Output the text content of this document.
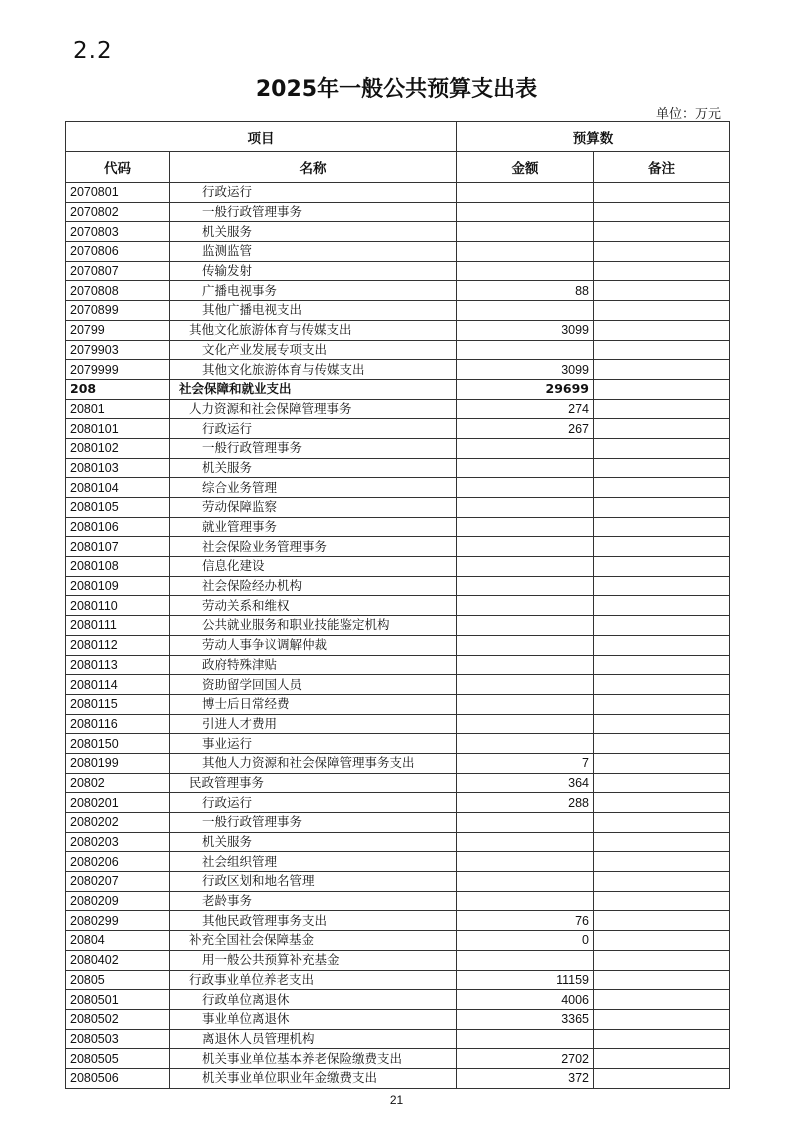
2.2
2025年一般公共预算支出表
单位：万元
项目		预算数	
代码	名称	金额	备注
2070801	行政运行		
2070802	一般行政管理事务		
2070803	机关服务		
2070806	监测监管		
2070807	传输发射		
2070808	广播电视事务	88	
2070899	其他广播电视支出		
20799	其他文化旅游体育与传媒支出	3099	
2079903	文化产业发展专项支出		
2079999	其他文化旅游体育与传媒支出	3099	
208	社会保障和就业支出	29699	
20801	人力资源和社会保障管理事务	274	
2080101	行政运行	267	
2080102	一般行政管理事务		
2080103	机关服务		
2080104	综合业务管理		
2080105	劳动保障监察		
2080106	就业管理事务		
2080107	社会保险业务管理事务		
2080108	信息化建设		
2080109	社会保险经办机构		
2080110	劳动关系和维权		
2080111	公共就业服务和职业技能鉴定机构		
2080112	劳动人事争议调解仲裁		
2080113	政府特殊津贴		
2080114	资助留学回国人员		
2080115	博士后日常经费		
2080116	引进人才费用		
2080150	事业运行		
2080199	其他人力资源和社会保障管理事务支出	7	
20802	民政管理事务	364	
2080201	行政运行	288	
2080202	一般行政管理事务		
2080203	机关服务		
2080206	社会组织管理		
2080207	行政区划和地名管理		
2080209	老龄事务		
2080299	其他民政管理事务支出	76	
20804	补充全国社会保障基金	0	
2080402	用一般公共预算补充基金		
20805	行政事业单位养老支出	11159	
2080501	行政单位离退休	4006	
2080502	事业单位离退休	3365	
2080503	离退休人员管理机构		
2080505	机关事业单位基本养老保险缴费支出	2702	
2080506	机关事业单位职业年金缴费支出	372	
21
